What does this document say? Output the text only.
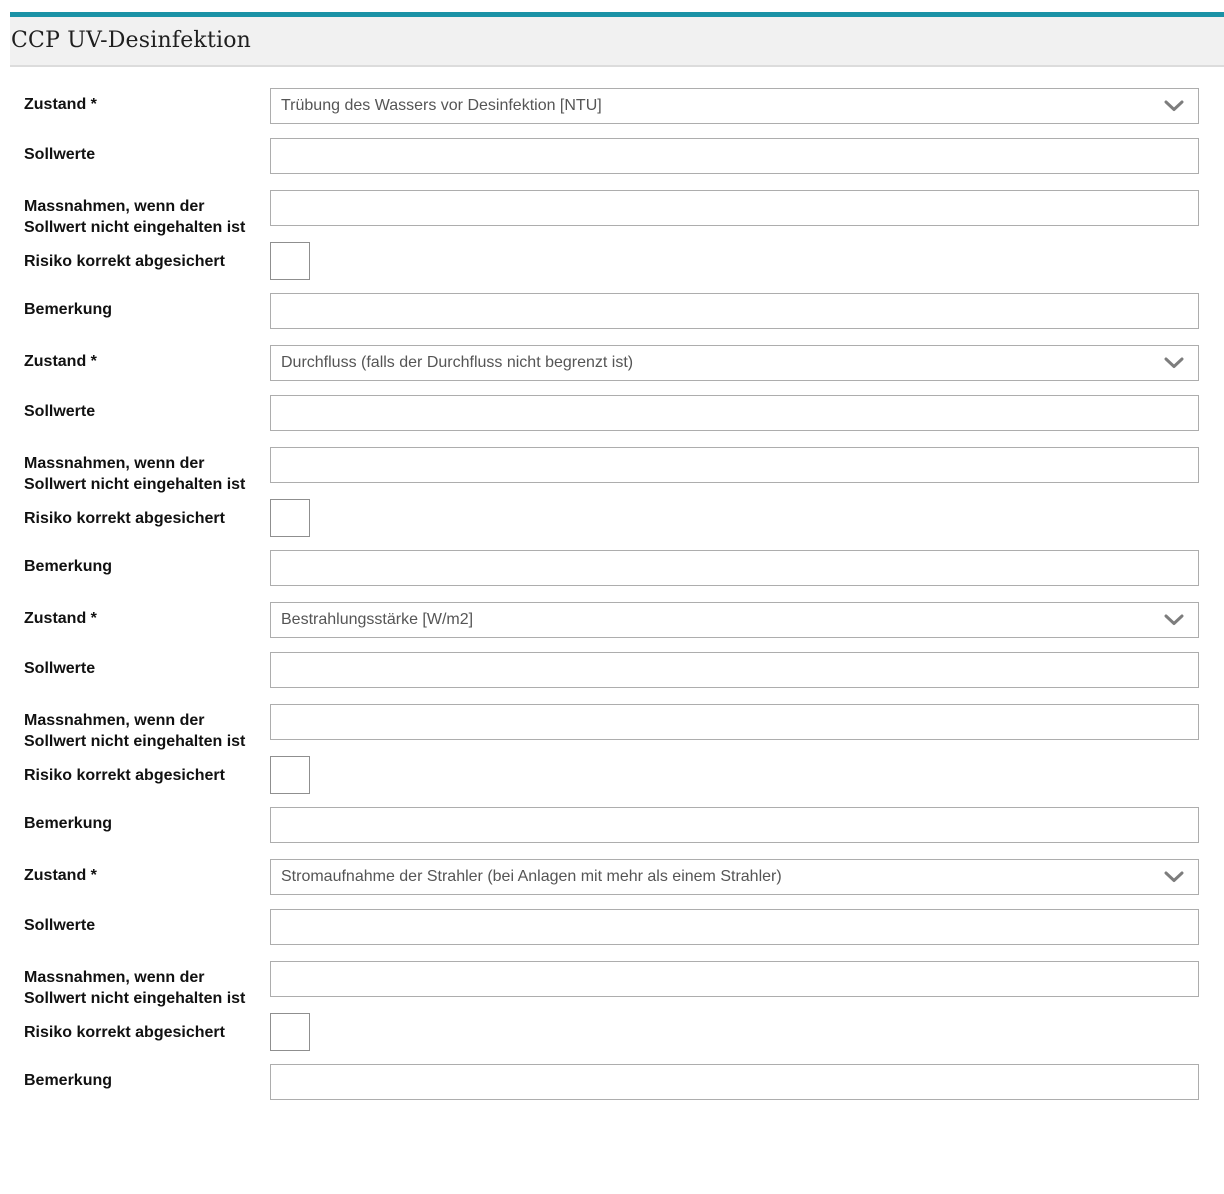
CCP UV-Desinfektion
Zustand *	Trübung des Wassers vor Desinfektion [NTU]
Sollwerte
Massnahmen, wenn der Sollwert nicht eingehalten ist
Risiko korrekt abgesichert
Bemerkung
Zustand *	Durchfluss (falls der Durchfluss nicht begrenzt ist)
Sollwerte
Massnahmen, wenn der Sollwert nicht eingehalten ist
Risiko korrekt abgesichert
Bemerkung
Zustand *	Bestrahlungsstärke [W/m2]
Sollwerte
Massnahmen, wenn der Sollwert nicht eingehalten ist
Risiko korrekt abgesichert
Bemerkung
Zustand *	Stromaufnahme der Strahler (bei Anlagen mit mehr als einem Strahler)
Sollwerte
Massnahmen, wenn der Sollwert nicht eingehalten ist
Risiko korrekt abgesichert
Bemerkung
